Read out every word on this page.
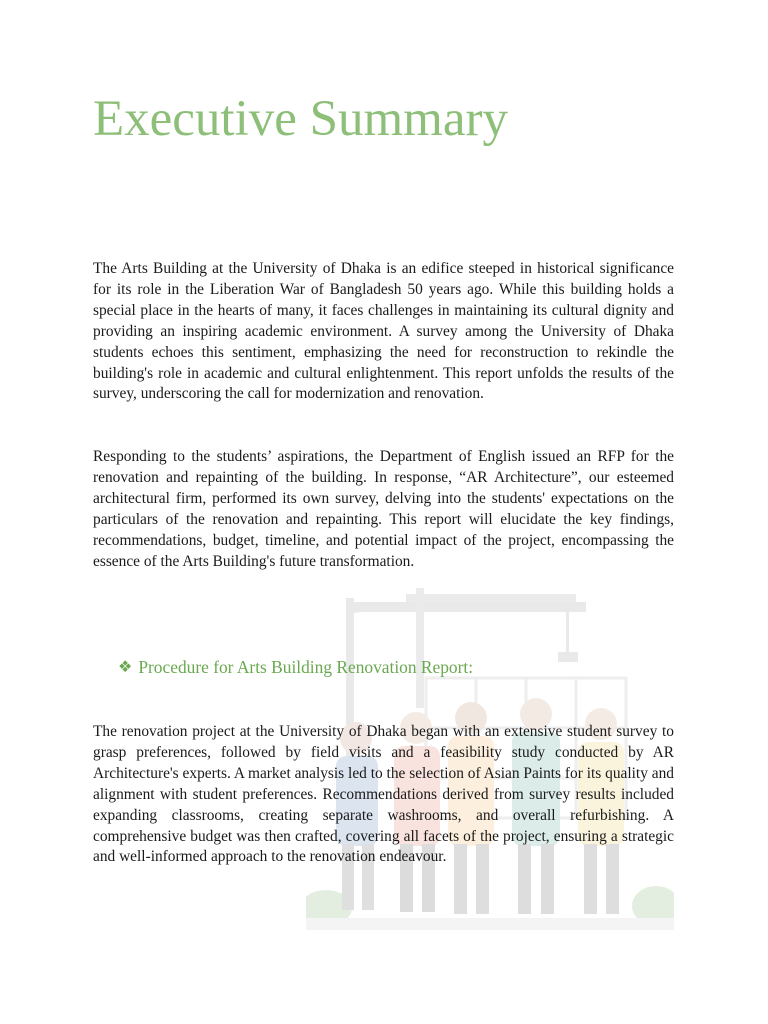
Executive Summary

The Arts Building at the University of Dhaka is an edifice steeped in historical significance for its role in the Liberation War of Bangladesh 50 years ago. While this building holds a special place in the hearts of many, it faces challenges in maintaining its cultural dignity and providing an inspiring academic environment. A survey among the University of Dhaka students echoes this sentiment, emphasizing the need for reconstruction to rekindle the building's role in academic and cultural enlightenment. This report unfolds the results of the survey, underscoring the call for modernization and renovation.

Responding to the students’ aspirations, the Department of English issued an RFP for the renovation and repainting of the building. In response, “AR Architecture”, our esteemed architectural firm, performed its own survey, delving into the students' expectations on the particulars of the renovation and repainting. This report will elucidate the key findings, recommendations, budget, timeline, and potential impact of the project, encompassing the essence of the Arts Building's future transformation.

❖ Procedure for Arts Building Renovation Report:

The renovation project at the University of Dhaka began with an extensive student survey to grasp preferences, followed by field visits and a feasibility study conducted by AR Architecture's experts. A market analysis led to the selection of Asian Paints for its quality and alignment with student preferences. Recommendations derived from survey results included expanding classrooms, creating separate washrooms, and overall refurbishing. A comprehensive budget was then crafted, covering all facets of the project, ensuring a strategic and well-informed approach to the renovation endeavour.
